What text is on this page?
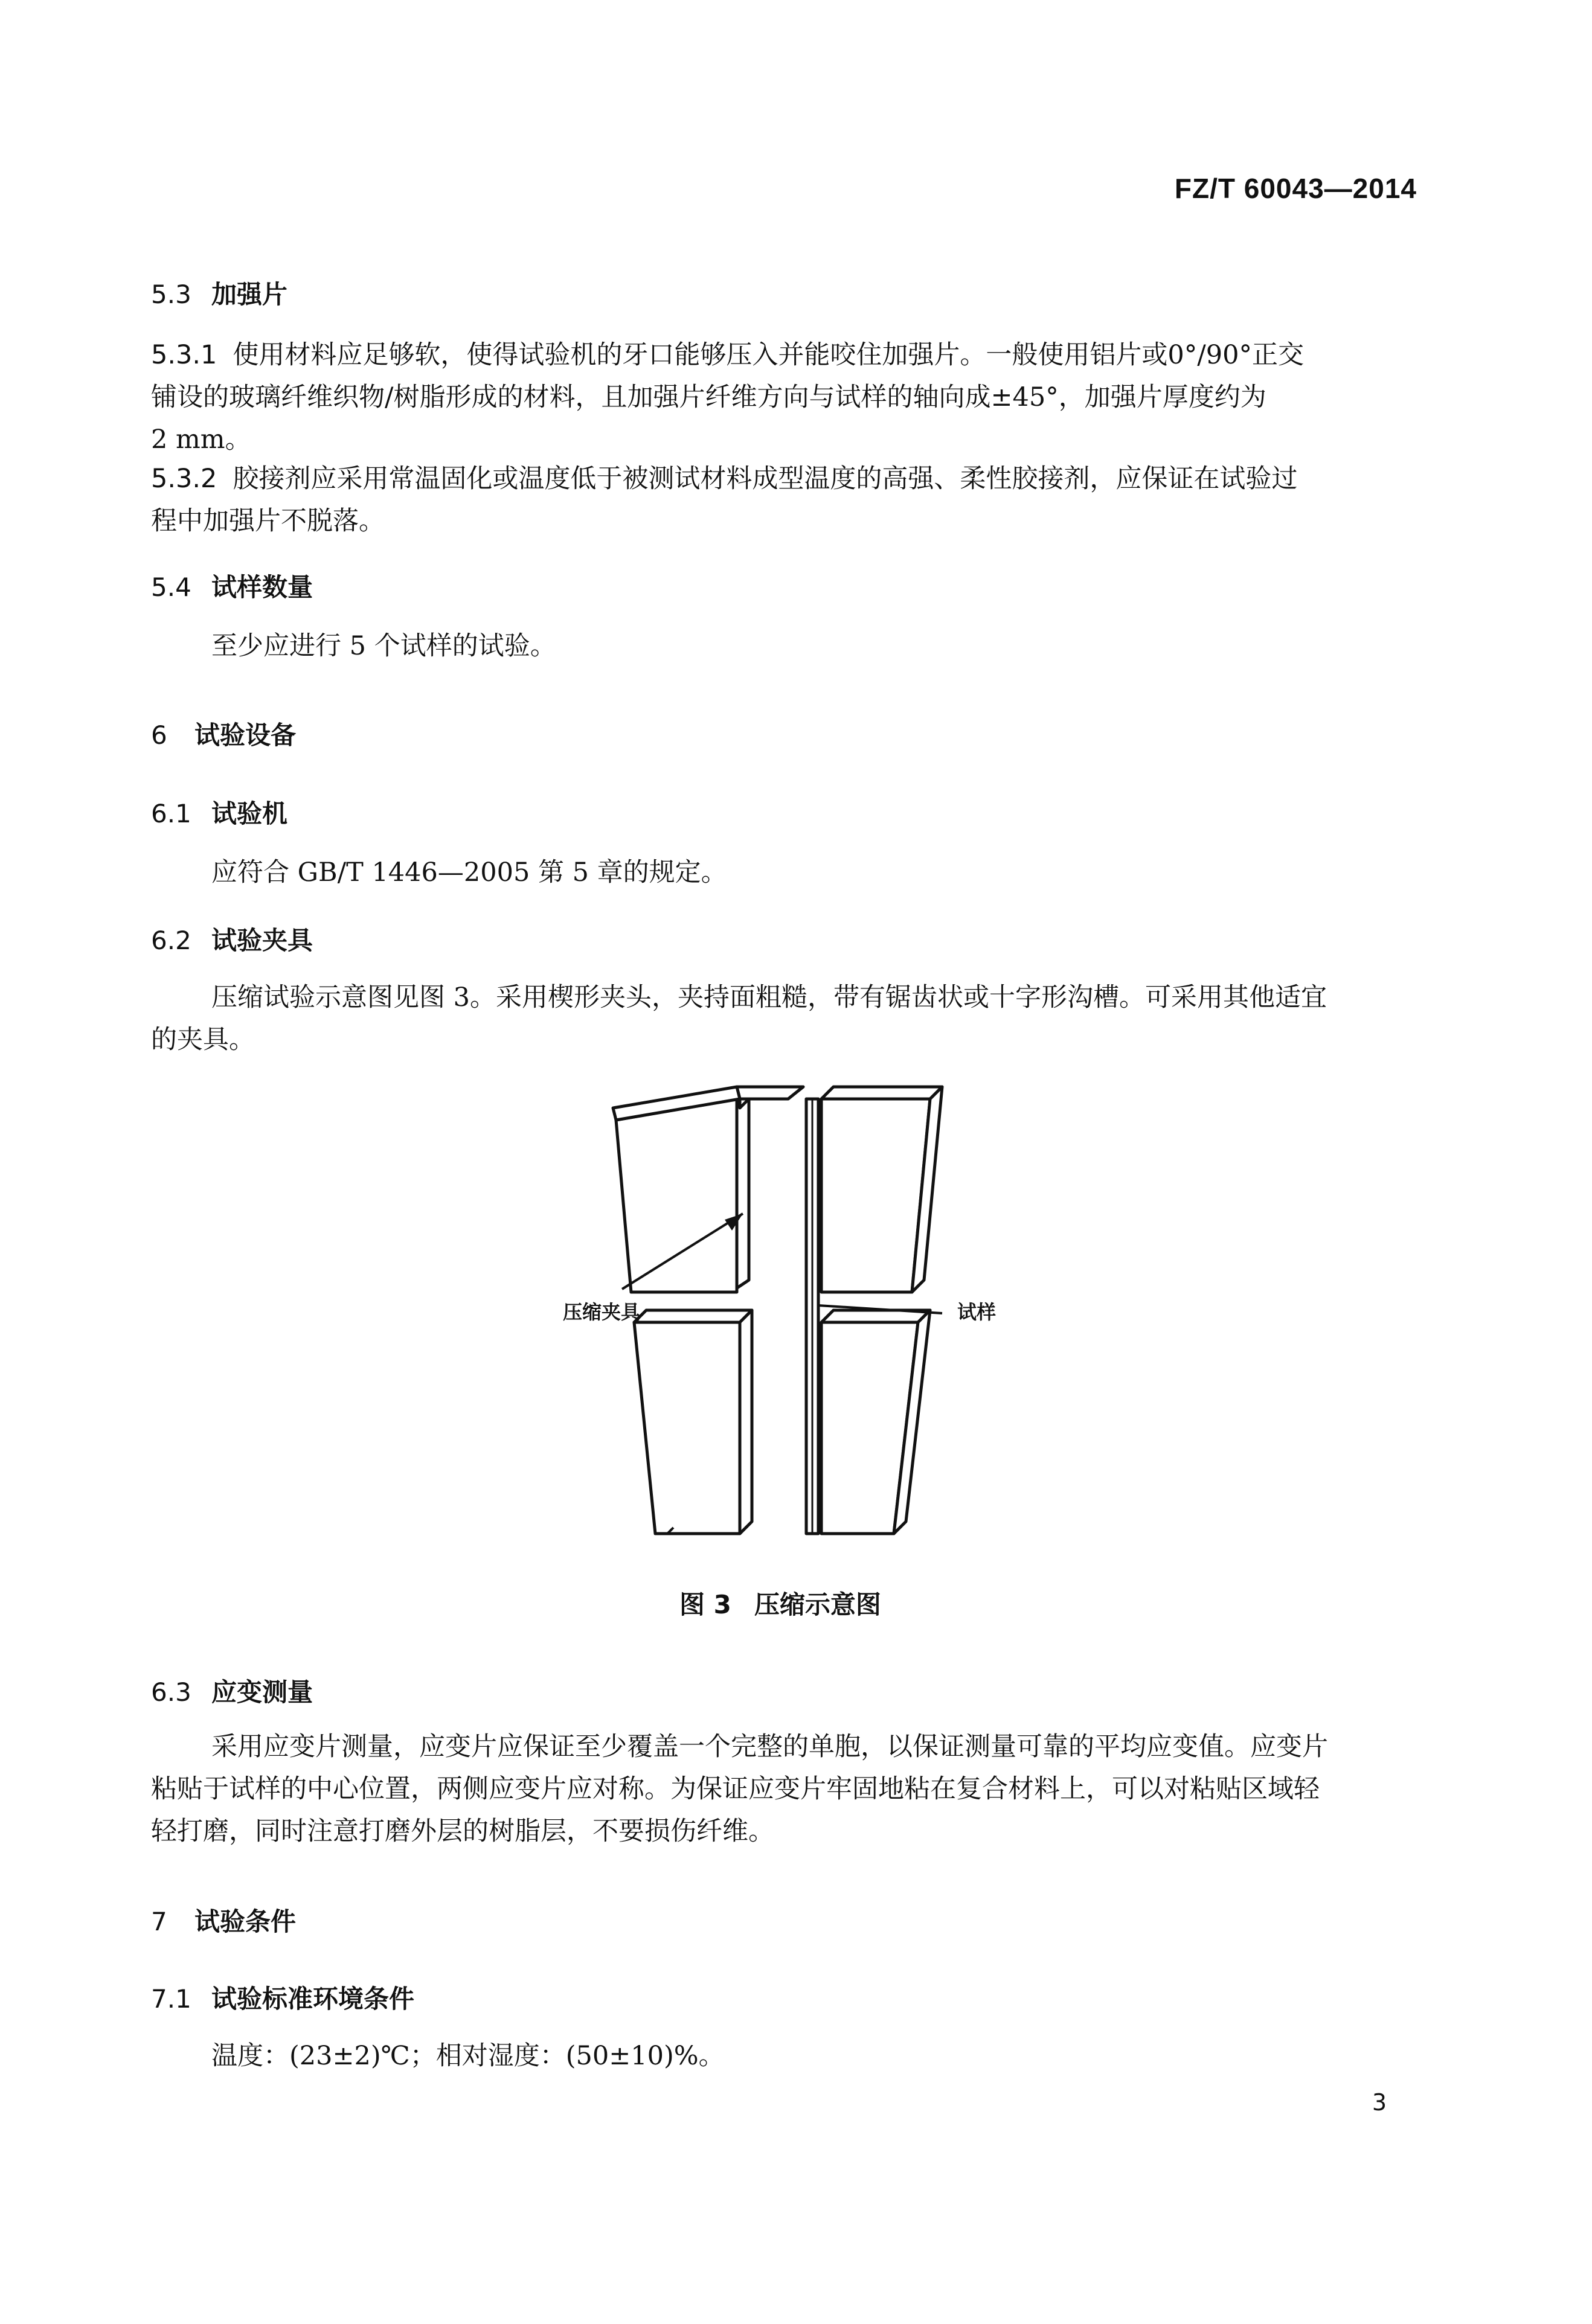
FZ/T 60043—2014
5.3 加强片
5.3.1 使用材料应足够软，使得试验机的牙口能够压入并能咬住加强片。一般使用铝片或0°/90°正交
铺设的玻璃纤维织物/树脂形成的材料，且加强片纤维方向与试样的轴向成±45°，加强片厚度约为
2 mm。
5.3.2 胶接剂应采用常温固化或温度低于被测试材料成型温度的高强、柔性胶接剂，应保证在试验过
程中加强片不脱落。
5.4 试样数量
至少应进行 5 个试样的试验。
6 试验设备
6.1 试验机
应符合 GB/T 1446—2005 第 5 章的规定。
6.2 试验夹具
压缩试验示意图见图 3。采用楔形夹头，夹持面粗糙，带有锯齿状或十字形沟槽。可采用其他适宜
的夹具。
压缩夹具	试样
图 3 压缩示意图
6.3 应变测量
采用应变片测量，应变片应保证至少覆盖一个完整的单胞，以保证测量可靠的平均应变值。应变片
粘贴于试样的中心位置，两侧应变片应对称。为保证应变片牢固地粘在复合材料上，可以对粘贴区域轻
轻打磨，同时注意打磨外层的树脂层，不要损伤纤维。
7 试验条件
7.1 试验标准环境条件
温度：(23±2)℃；相对湿度：(50±10)%。
3
